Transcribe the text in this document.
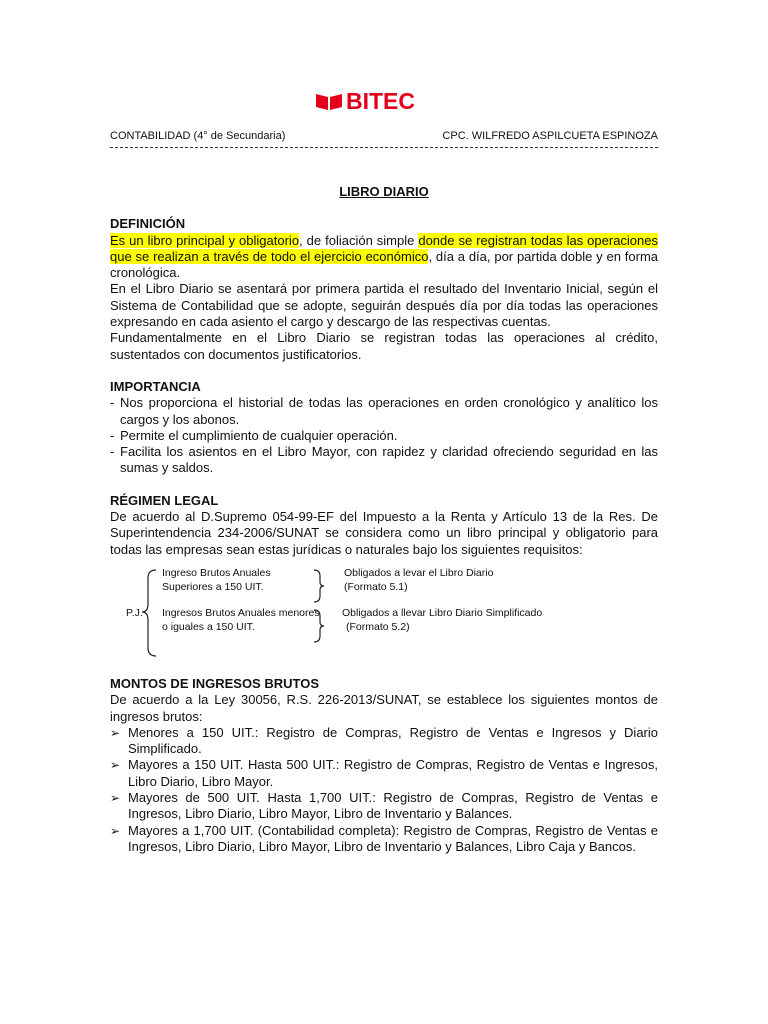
BITEC
CONTABILIDAD (4° de Secundaria)	CPC. WILFREDO ASPILCUETA ESPINOZA
LIBRO DIARIO
DEFINICIÓN
Es un libro principal y obligatorio, de foliación simple donde se registran todas las operaciones que se realizan a través de todo el ejercicio económico, día a día, por partida doble y en forma cronológica.
En el Libro Diario se asentará por primera partida el resultado del Inventario Inicial, según el Sistema de Contabilidad que se adopte, seguirán después día por día todas las operaciones expresando en cada asiento el cargo y descargo de las respectivas cuentas.
Fundamentalmente en el Libro Diario se registran todas las operaciones al crédito, sustentados con documentos justificatorios.
IMPORTANCIA
- Nos proporciona el historial de todas las operaciones en orden cronológico y analítico los cargos y los abonos.
- Permite el cumplimiento de cualquier operación.
- Facilita los asientos en el Libro Mayor, con rapidez y claridad ofreciendo seguridad en las sumas y saldos.
RÉGIMEN LEGAL
De acuerdo al D.Supremo 054-99-EF del Impuesto a la Renta y Artículo 13 de la Res. De Superintendencia 234-2006/SUNAT se considera como un libro principal y obligatorio para todas las empresas sean estas jurídicas o naturales bajo los siguientes requisitos:
P.J.
Ingreso Brutos Anuales
Superiores a 150 UIT.
Obligados a levar el Libro Diario
(Formato 5.1)
Ingresos Brutos Anuales menores
o iguales a 150 UIT.
Obligados a llevar Libro Diario Simplificado
(Formato 5.2)
MONTOS DE INGRESOS BRUTOS
De acuerdo a la Ley 30056, R.S. 226-2013/SUNAT, se establece los siguientes montos de ingresos brutos:
➢ Menores a 150 UIT.: Registro de Compras, Registro de Ventas e Ingresos y Diario Simplificado.
➢ Mayores a 150 UIT. Hasta 500 UIT.: Registro de Compras, Registro de Ventas e Ingresos, Libro Diario, Libro Mayor.
➢ Mayores de 500 UIT. Hasta 1,700 UIT.: Registro de Compras, Registro de Ventas e Ingresos, Libro Diario, Libro Mayor, Libro de Inventario y Balances.
➢ Mayores a 1,700 UIT. (Contabilidad completa): Registro de Compras, Registro de Ventas e Ingresos, Libro Diario, Libro Mayor, Libro de Inventario y Balances, Libro Caja y Bancos.
